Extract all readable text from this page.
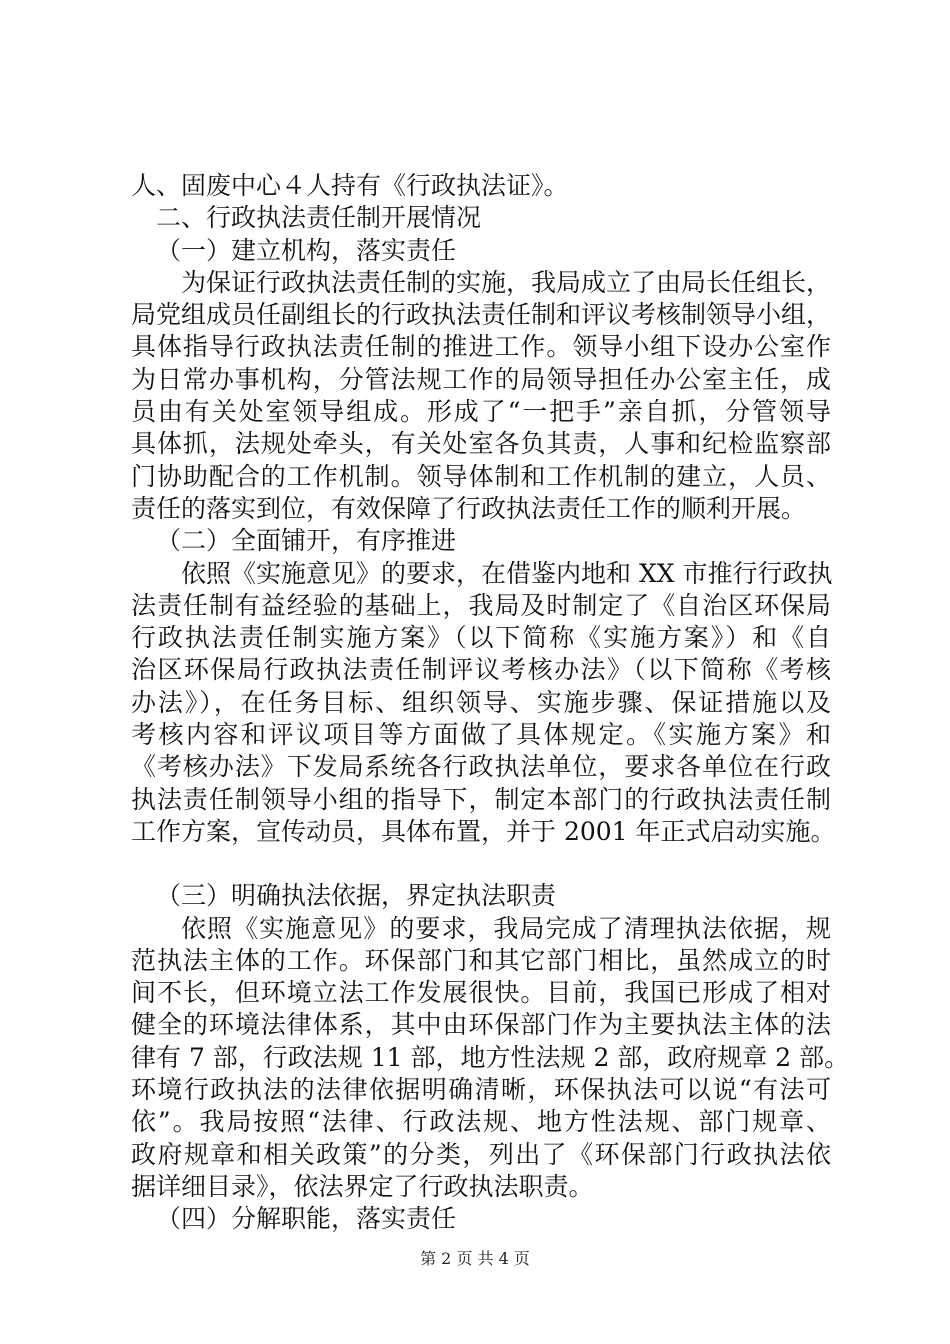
人、固废中心４人持有《行政执法证》。
二、行政执法责任制开展情况
（一）建立机构，落实责任
为保证行政执法责任制的实施，我局成立了由局长任组长，
局党组成员任副组长的行政执法责任制和评议考核制领导小组，
具体指导行政执法责任制的推进工作。领导小组下设办公室作
为日常办事机构，分管法规工作的局领导担任办公室主任，成
员由有关处室领导组成。形成了“一把手”亲自抓，分管领导
具体抓，法规处牵头，有关处室各负其责，人事和纪检监察部
门协助配合的工作机制。领导体制和工作机制的建立，人员、
责任的落实到位，有效保障了行政执法责任工作的顺利开展。
（二）全面铺开，有序推进
依照《实施意见》的要求，在借鉴内地和 XX 市推行行政执
法责任制有益经验的基础上，我局及时制定了《自治区环保局
行政执法责任制实施方案》（以下简称《实施方案》）和《自
治区环保局行政执法责任制评议考核办法》（以下简称《考核
办法》），在任务目标、组织领导、实施步骤、保证措施以及
考核内容和评议项目等方面做了具体规定。《实施方案》和
《考核办法》下发局系统各行政执法单位，要求各单位在行政
执法责任制领导小组的指导下，制定本部门的行政执法责任制
工作方案，宣传动员，具体布置，并于 2001 年正式启动实施。
（三）明确执法依据，界定执法职责
依照《实施意见》的要求，我局完成了清理执法依据，规
范执法主体的工作。环保部门和其它部门相比，虽然成立的时
间不长，但环境立法工作发展很快。目前，我国已形成了相对
健全的环境法律体系，其中由环保部门作为主要执法主体的法
律有 7 部，行政法规 11 部，地方性法规 2 部，政府规章 2 部。
环境行政执法的法律依据明确清晰，环保执法可以说“有法可
依”。我局按照“法律、行政法规、地方性法规、部门规章、
政府规章和相关政策”的分类，列出了《环保部门行政执法依
据详细目录》，依法界定了行政执法职责。
（四）分解职能，落实责任
第 2 页 共 4 页
